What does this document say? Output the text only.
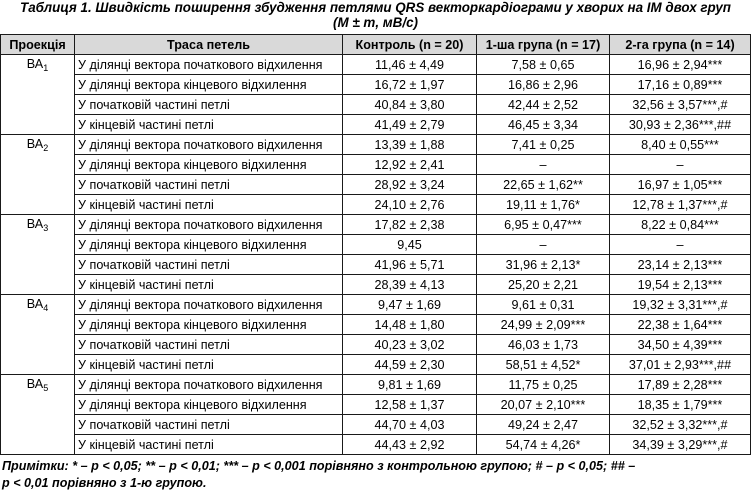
Таблиця 1. Швидкість поширення збудження петлями QRS векторкардіограми у хворих на ІМ двох груп
(M ± m, мВ/с)
Проекція	Траса петель	Контроль (n = 20)	1-ша група (n = 17)	2-га група (n = 14)
$ВА_1$	У ділянці вектора початкового відхилення	11,46 ± 4,49	7,58 ± 0,65	16,96 ± 2,94***
	У ділянці вектора кінцевого відхилення	16,72 ± 1,97	16,86 ± 2,96	17,16 ± 0,89***
	У початковій частині петлі	40,84 ± 3,80	42,44 ± 2,52	32,56 ± 3,57***,#
	У кінцевій частині петлі	41,49 ± 2,79	46,45 ± 3,34	30,93 ± 2,36***,##
$ВА_2$	У ділянці вектора початкового відхилення	13,39 ± 1,88	7,41 ± 0,25	8,40 ± 0,55***
	У ділянці вектора кінцевого відхилення	12,92 ± 2,41	–	–
	У початковій частині петлі	28,92 ± 3,24	22,65 ± 1,62**	16,97 ± 1,05***
	У кінцевій частині петлі	24,10 ± 2,76	19,11 ± 1,76*	12,78 ± 1,37***,#
$ВА_3$	У ділянці вектора початкового відхилення	17,82 ± 2,38	6,95 ± 0,47***	8,22 ± 0,84***
	У ділянці вектора кінцевого відхилення	9,45	–	–
	У початковій частині петлі	41,96 ± 5,71	31,96 ± 2,13*	23,14 ± 2,13***
	У кінцевій частині петлі	28,39 ± 4,13	25,20 ± 2,21	19,54 ± 2,13***
$ВА_4$	У ділянці вектора початкового відхилення	9,47 ± 1,69	9,61 ± 0,31	19,32 ± 3,31***,#
	У ділянці вектора кінцевого відхилення	14,48 ± 1,80	24,99 ± 2,09***	22,38 ± 1,64***
	У початковій частині петлі	40,23 ± 3,02	46,03 ± 1,73	34,50 ± 4,39***
	У кінцевій частині петлі	44,59 ± 2,30	58,51 ± 4,52*	37,01 ± 2,93***,##
$ВА_5$	У ділянці вектора початкового відхилення	9,81 ± 1,69	11,75 ± 0,25	17,89 ± 2,28***
	У ділянці вектора кінцевого відхилення	12,58 ± 1,37	20,07 ± 2,10***	18,35 ± 1,79***
	У початковій частині петлі	44,70 ± 4,03	49,24 ± 2,47	32,52 ± 3,32***,#
	У кінцевій частині петлі	44,43 ± 2,92	54,74 ± 4,26*	34,39 ± 3,29***,#
Примітки: * – p < 0,05; ** – p < 0,01; *** – p < 0,001 порівняно з контрольною групою; # – p < 0,05; ## –
p < 0,01 порівняно з 1-ю групою.
